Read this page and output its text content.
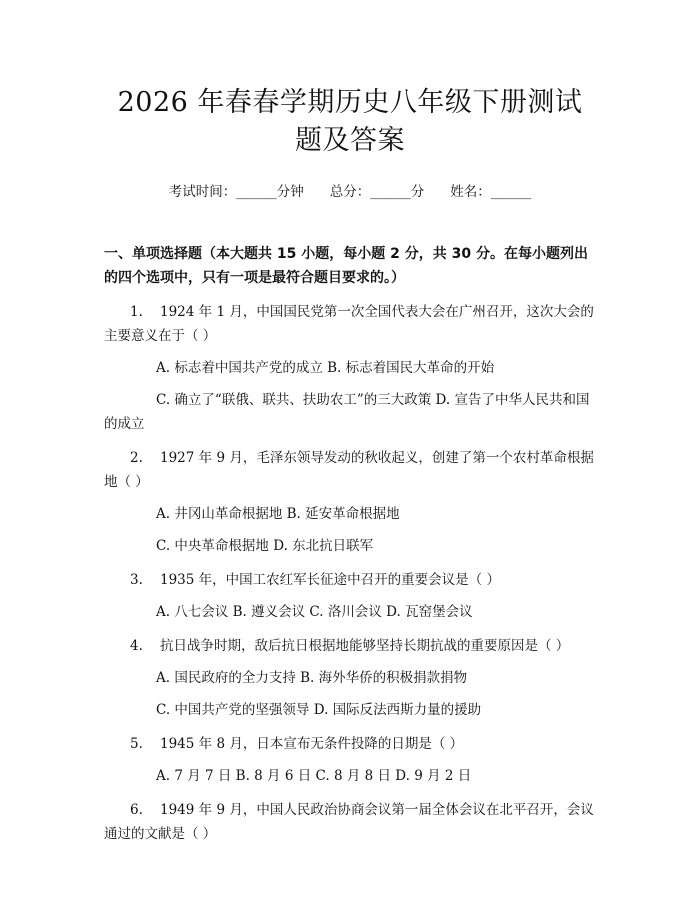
2026 年春春学期历史八年级下册测试题及答案
考试时间：______分钟 总分：______分 姓名：______
一、单项选择题（本大题共 15 小题，每小题 2 分，共 30 分。在每小题列出的四个选项中，只有一项是最符合题目要求的。）

1. 1924 年 1 月，中国国民党第一次全国代表大会在广州召开，这次大会的主要意义在于（ ）

A. 标志着中国共产党的成立 B. 标志着国民大革命的开始

C. 确立了“联俄、联共、扶助农工”的三大政策 D. 宣告了中华人民共和国的成立

2. 1927 年 9 月，毛泽东领导发动的秋收起义，创建了第一个农村革命根据地（ ）

A. 井冈山革命根据地 B. 延安革命根据地

C. 中央革命根据地 D. 东北抗日联军

3. 1935 年，中国工农红军长征途中召开的重要会议是（ ）

A. 八七会议 B. 遵义会议 C. 洛川会议 D. 瓦窑堡会议

4. 抗日战争时期，敌后抗日根据地能够坚持长期抗战的重要原因是（ ）

A. 国民政府的全力支持 B. 海外华侨的积极捐款捐物

C. 中国共产党的坚强领导 D. 国际反法西斯力量的援助

5. 1945 年 8 月，日本宣布无条件投降的日期是（ ）

A. 7 月 7 日 B. 8 月 6 日 C. 8 月 8 日 D. 9 月 2 日

6. 1949 年 9 月，中国人民政治协商会议第一届全体会议在北平召开，会议通过的文献是（ ）
